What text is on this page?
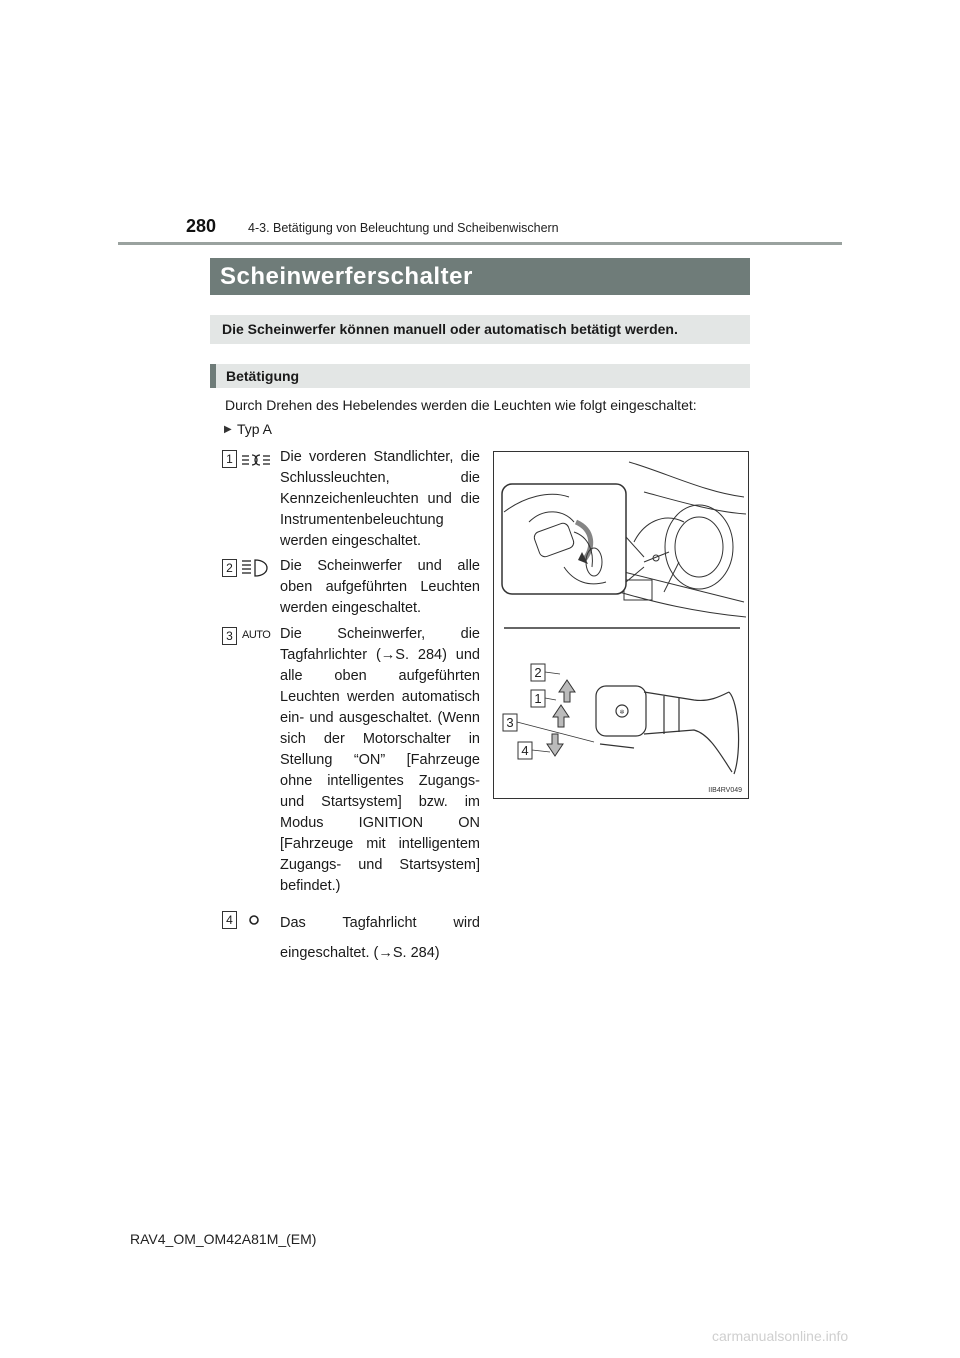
280	4-3. Betätigung von Beleuchtung und Scheibenwischern
Scheinwerferschalter
Die Scheinwerfer können manuell oder automatisch betätigt werden.
Betätigung
Durch Drehen des Hebelendes werden die Leuchten wie folgt eingeschaltet:
▶ Typ A
1	Die vorderen Standlichter, die Schlussleuchten, die Kennzeichenleuchten und die Instrumentenbeleuchtung werden eingeschaltet.
2	Die Scheinwerfer und alle oben aufgeführten Leuchten werden eingeschaltet.
3 AUTO Die Scheinwerfer, die Tagfahrlichter (→S. 284) und alle oben aufgeführten Leuchten werden automatisch ein- und ausgeschaltet. (Wenn sich der Motorschalter in Stellung “ON” [Fahrzeuge ohne intelligentes Zugangs- und Startsystem] bzw. im Modus IGNITION ON [Fahrzeuge mit intelligentem Zugangs- und Startsystem] befindet.)
4	Das Tagfahrlicht wird eingeschaltet. (→S. 284)
✲
2
1
3
4
IIB4RV049
RAV4_OM_OM42A81M_(EM)
carmanualsonline.info
